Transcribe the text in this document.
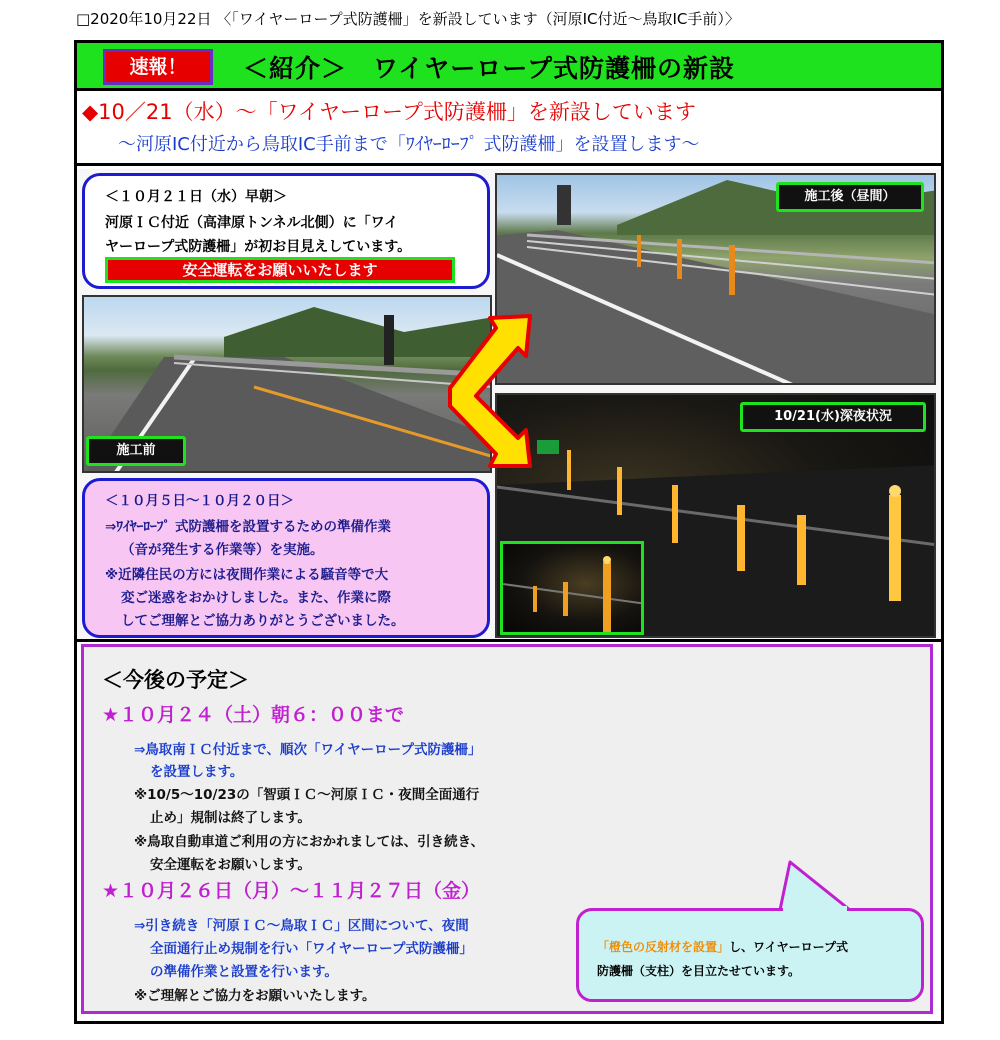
□2020年10月22日 〈「ワイヤーロープ式防護柵」を新設しています（河原IC付近〜鳥取IC手前）〉
速報！	＜紹介＞　ワイヤーロープ式防護柵の新設
◆10／21（水）〜「ワイヤーロープ式防護柵」を新設しています
〜河原IC付近から鳥取IC手前まで「ﾜｲﾔｰﾛｰﾌﾟ 式防護柵」を設置します〜
施工前
施工後（昼間）
10/21(水)深夜状況
＜１０月２１日（水）早朝＞
河原ＩＣ付近（高津原トンネル北側）に「ワイ
ヤーロープ式防護柵」が初お目見えしています。
安全運転をお願いいたします
＜１０月５日〜１０月２０日＞
⇒ﾜｲﾔｰﾛｰﾌﾟ 式防護柵を設置するための準備作業
（音が発生する作業等）を実施。
※近隣住民の方には夜間作業による騒音等で大
変ご迷惑をおかけしました。また、作業に際
してご理解とご協力ありがとうございました。
＜今後の予定＞
★１０月２４（土）朝６：００まで
⇒鳥取南ＩＣ付近まで、順次「ワイヤーロープ式防護柵」
を設置します。
※10/5〜10/23の「智頭ＩＣ〜河原ＩＣ・夜間全面通行
止め」規制は終了します。
※鳥取自動車道ご利用の方におかれましては、引き続き、
安全運転をお願いします。
★１０月２６日（月）〜１１月２７日（金）
⇒引き続き「河原ＩＣ〜鳥取ＩＣ」区間について、夜間
全面通行止め規制を行い「ワイヤーロープ式防護柵」
の準備作業と設置を行います。
※ご理解とご協力をお願いいたします。
「橙色の反射材を設置」し、ワイヤーロープ式
防護柵（支柱）を目立たせています。
